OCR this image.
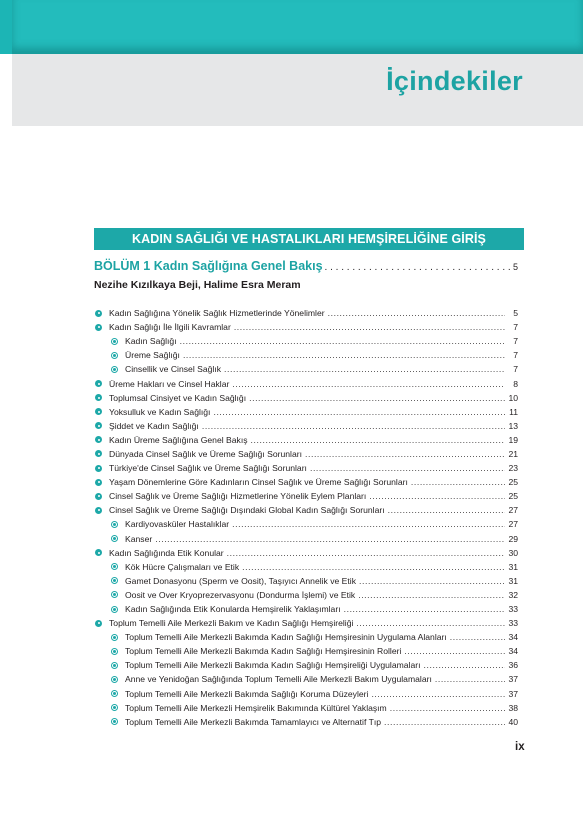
İçindekiler
KADIN SAĞLIĞI VE HASTALIKLARI HEMŞİRELİĞİNE GİRİŞ
BÖLÜM 1 Kadın Sağlığına Genel Bakış . . .	5
Nezihe Kızılkaya Beji, Halime Esra Meram
Kadın Sağlığına Yönelik Sağlık Hizmetlerinde Yönelimler .....	5
Kadın Sağlığı İle İlgili Kavramlar .....	7
Kadın Sağlığı .....	7
Üreme Sağlığı .....	7
Cinsellik ve Cinsel Sağlık .....	7
Üreme Hakları ve Cinsel Haklar .....	8
Toplumsal Cinsiyet ve Kadın Sağlığı .....	10
Yoksulluk ve Kadın Sağlığı .....	11
Şiddet ve Kadın Sağlığı .....	13
Kadın Üreme Sağlığına Genel Bakış .....	19
Dünyada Cinsel Sağlık ve Üreme Sağlığı Sorunları .....	21
Türkiye'de Cinsel Sağlık ve Üreme Sağlığı Sorunları .....	23
Yaşam Dönemlerine Göre Kadınların Cinsel Sağlık ve Üreme Sağlığı Sorunları .....	25
Cinsel Sağlık ve Üreme Sağlığı Hizmetlerine Yönelik Eylem Planları .....	25
Cinsel Sağlık ve Üreme Sağlığı Dışındaki Global Kadın Sağlığı Sorunları .....	27
Kardiyovasküler Hastalıklar .....	27
Kanser .....	29
Kadın Sağlığında Etik Konular .....	30
Kök Hücre Çalışmaları ve Etik .....	31
Gamet Donasyonu (Sperm ve Oosit), Taşıyıcı Annelik ve Etik .....	31
Oosit ve Over Kryoprezervasyonu (Dondurma İşlemi) ve Etik .....	32
Kadın Sağlığında Etik Konularda Hemşirelik Yaklaşımları .....	33
Toplum Temelli Aile Merkezli Bakım ve Kadın Sağlığı Hemşireliği .....	33
Toplum Temelli Aile Merkezli Bakımda Kadın Sağlığı Hemşiresinin Uygulama Alanları .....	34
Toplum Temelli Aile Merkezli Bakımda Kadın Sağlığı Hemşiresinin Rolleri .....	34
Toplum Temelli Aile Merkezli Bakımda Kadın Sağlığı Hemşireliği Uygulamaları .....	36
Anne ve Yenidoğan Sağlığında Toplum Temelli Aile Merkezli Bakım Uygulamaları .....	37
Toplum Temelli Aile Merkezli Bakımda Sağlığı Koruma Düzeyleri .....	37
Toplum Temelli Aile Merkezli Hemşirelik Bakımında Kültürel Yaklaşım .....	38
Toplum Temelli Aile Merkezli Bakımda Tamamlayıcı ve Alternatif Tıp .....	40
ix
